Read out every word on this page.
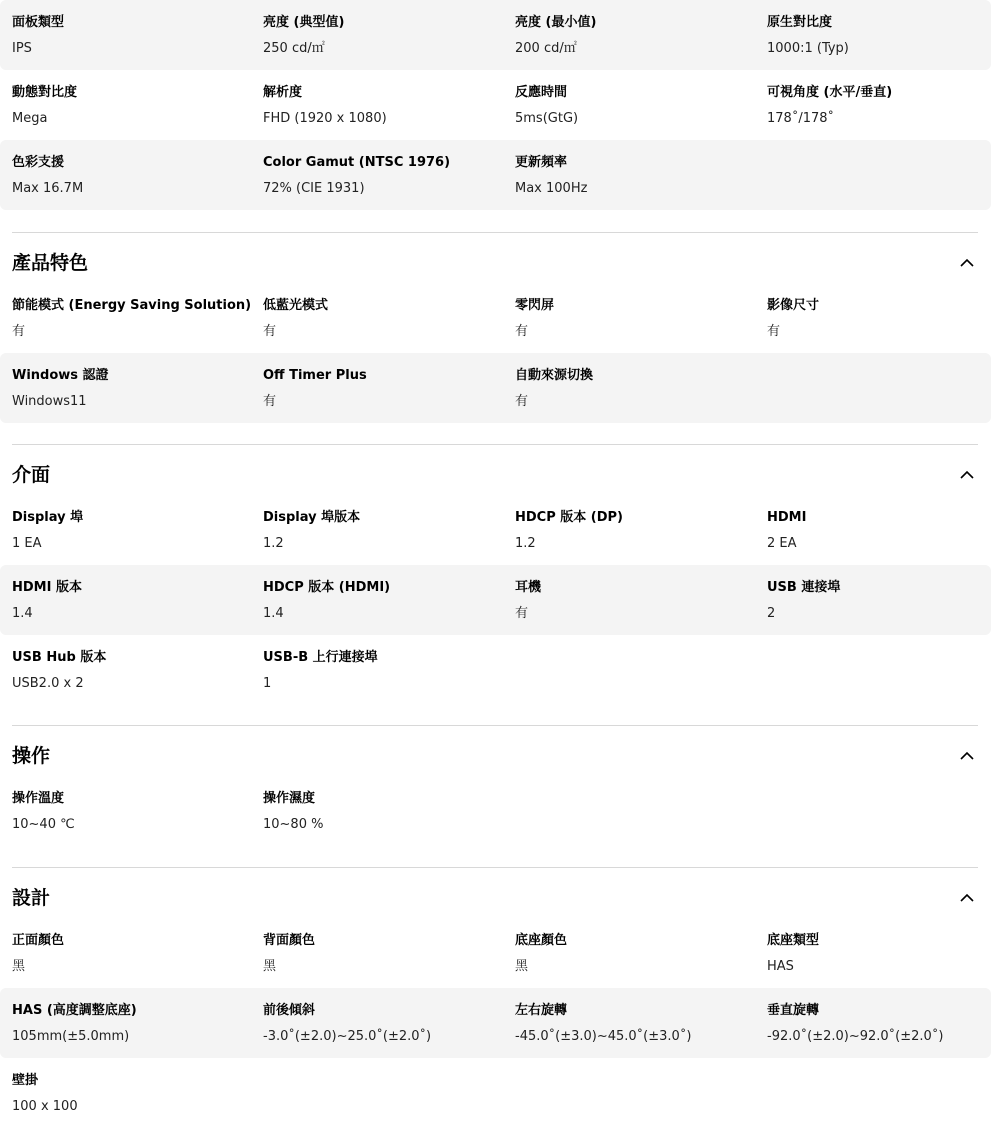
面板類型
IPS
亮度 (典型值)
250 cd/㎡
亮度 (最小值)
200 cd/㎡
原生對比度
1000:1 (Typ)
動態對比度
Mega
解析度
FHD (1920 x 1080)
反應時間
5ms(GtG)
可視角度 (水平/垂直)
178˚/178˚
色彩支援
Max 16.7M
Color Gamut (NTSC 1976)
72% (CIE 1931)
更新頻率
Max 100Hz
產品特色
節能模式 (Energy Saving Solution)
有
低藍光模式
有
零閃屏
有
影像尺寸
有
Windows 認證
Windows11
Off Timer Plus
有
自動來源切換
有
介面
Display 埠
1 EA
Display 埠版本
1.2
HDCP 版本 (DP)
1.2
HDMI
2 EA
HDMI 版本
1.4
HDCP 版本 (HDMI)
1.4
耳機
有
USB 連接埠
2
USB Hub 版本
USB2.0 x 2
USB-B 上行連接埠
1
操作
操作溫度
10~40 ℃
操作濕度
10~80 %
設計
正面顏色
黑
背面顏色
黑
底座顏色
黑
底座類型
HAS
HAS (高度調整底座)
105mm(±5.0mm)
前後傾斜
-3.0˚(±2.0)~25.0˚(±2.0˚)
左右旋轉
-45.0˚(±3.0)~45.0˚(±3.0˚)
垂直旋轉
-92.0˚(±2.0)~92.0˚(±2.0˚)
壁掛
100 x 100
